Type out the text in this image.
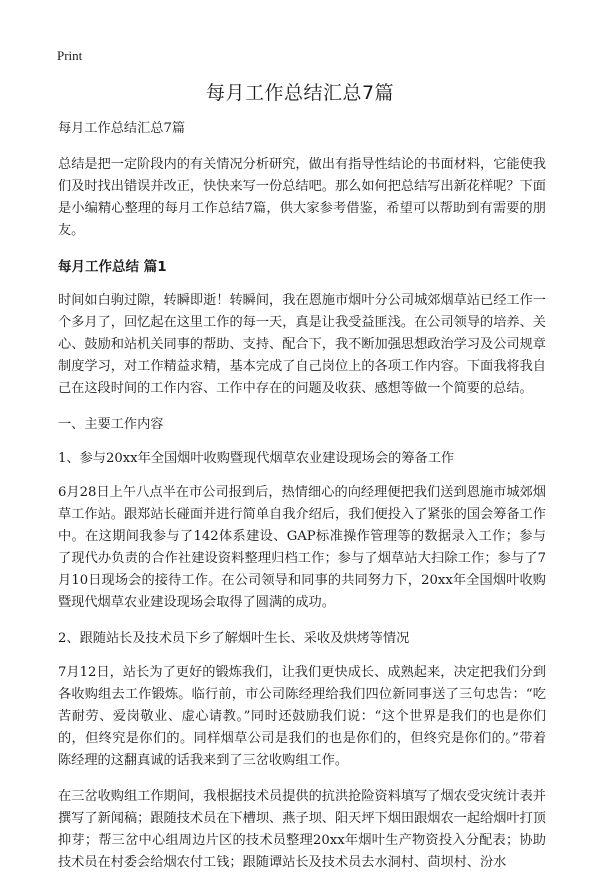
Print
每月工作总结汇总7篇

每月工作总结汇总7篇

总结是把一定阶段内的有关情况分析研究，做出有指导性结论的书面材料，它能使我们及时找出错误并改正，快快来写一份总结吧。那么如何把总结写出新花样呢？下面是小编精心整理的每月工作总结7篇，供大家参考借鉴，希望可以帮助到有需要的朋友。

每月工作总结 篇1

时间如白驹过隙，转瞬即逝！转瞬间，我在恩施市烟叶分公司城郊烟草站已经工作一个多月了，回忆起在这里工作的每一天，真是让我受益匪浅。在公司领导的培养、关心、鼓励和站机关同事的帮助、支持、配合下，我不断加强思想政治学习及公司规章制度学习，对工作精益求精，基本完成了自己岗位上的各项工作内容。下面我将我自己在这段时间的工作内容、工作中存在的问题及收获、感想等做一个简要的总结。

一、主要工作内容

1、参与20xx年全国烟叶收购暨现代烟草农业建设现场会的筹备工作

6月28日上午八点半在市公司报到后，热情细心的向经理便把我们送到恩施市城郊烟草工作站。跟郑站长碰面并进行简单自我介绍后，我们便投入了紧张的国会筹备工作中。在这期间我参与了142体系建设、GAP标准操作管理等的数据录入工作；参与了现代办负责的合作社建设资料整理归档工作；参与了烟草站大扫除工作；参与了7月10日现场会的接待工作。在公司领导和同事的共同努力下，20xx年全国烟叶收购暨现代烟草农业建设现场会取得了圆满的成功。

2、跟随站长及技术员下乡了解烟叶生长、采收及烘烤等情况

7月12日，站长为了更好的锻炼我们，让我们更快成长、成熟起来，决定把我们分到各收购组去工作锻炼。临行前，市公司陈经理给我们四位新同事送了三句忠告：“吃苦耐劳、爱岗敬业、虚心请教。”同时还鼓励我们说：“这个世界是我们的也是你们的，但终究是你们的。同样烟草公司是我们的也是你们的，但终究是你们的。”带着陈经理的这翻真诚的话我来到了三岔收购组工作。

在三岔收购组工作期间，我根据技术员提供的抗洪抢险资料填写了烟农受灾统计表并撰写了新闻稿；跟随技术员在下槽坝、燕子坝、阳天坪下烟田跟烟农一起给烟叶打顶抑芽；帮三岔中心组周边片区的技术员整理20xx年烟叶生产物资投入分配表；协助技术员在村委会给烟农付工钱；跟随谭站长及技术员去水洞村、茴坝村、汾水
